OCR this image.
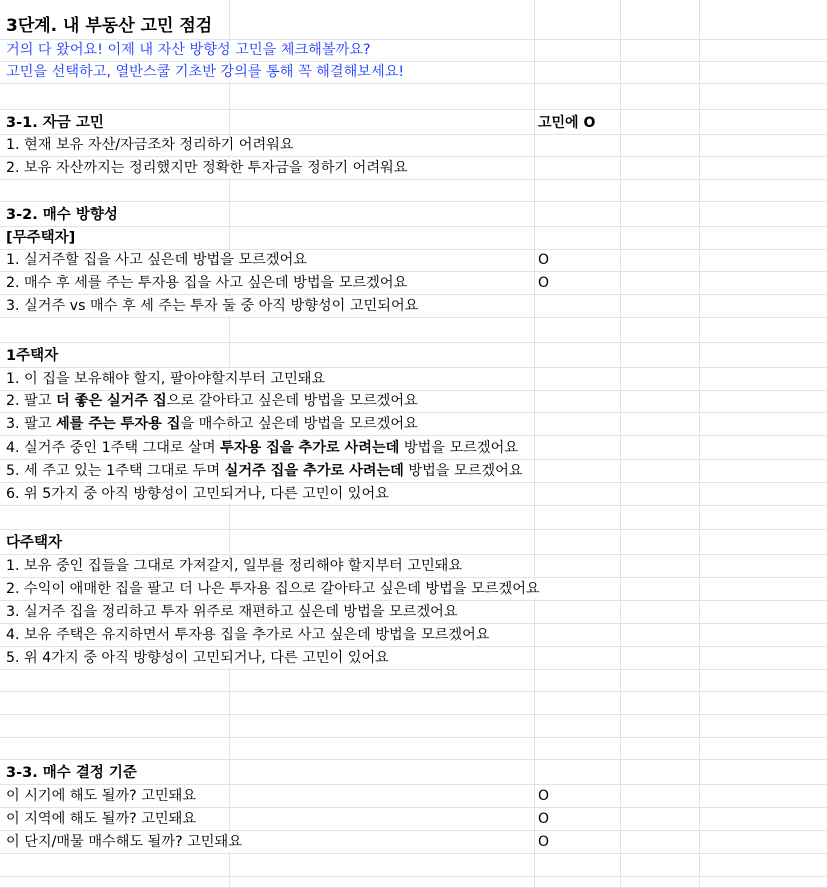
3단계. 내 부동산 고민 점검
거의 다 왔어요! 이제 내 자산 방향성 고민을 체크해볼까요?
고민을 선택하고, 열반스쿨 기초반 강의를 통해 꼭 해결해보세요!
3-1. 자금 고민	고민에 O
1. 현재 보유 자산/자금조차 정리하기 어려워요
2. 보유 자산까지는 정리했지만 정확한 투자금을 정하기 어려워요
3-2. 매수 방향성
[무주택자]
1. 실거주할 집을 사고 싶은데 방법을 모르겠어요	O
2. 매수 후 세를 주는 투자용 집을 사고 싶은데 방법을 모르겠어요	O
3. 실거주 vs 매수 후 세 주는 투자 둘 중 아직 방향성이 고민되어요
1주택자
1. 이 집을 보유해야 할지, 팔아야할지부터 고민돼요
2. 팔고 더 좋은 실거주 집으로 갈아타고 싶은데 방법을 모르겠어요
3. 팔고 세를 주는 투자용 집을 매수하고 싶은데 방법을 모르겠어요
4. 실거주 중인 1주택 그대로 살며 투자용 집을 추가로 사려는데 방법을 모르겠어요
5. 세 주고 있는 1주택 그대로 두며 실거주 집을 추가로 사려는데 방법을 모르겠어요
6. 위 5가지 중 아직 방향성이 고민되거나, 다른 고민이 있어요
다주택자
1. 보유 중인 집들을 그대로 가져갈지, 일부를 정리해야 할지부터 고민돼요
2. 수익이 애매한 집을 팔고 더 나은 투자용 집으로 갈아타고 싶은데 방법을 모르겠어요
3. 실거주 집을 정리하고 투자 위주로 재편하고 싶은데 방법을 모르겠어요
4. 보유 주택은 유지하면서 투자용 집을 추가로 사고 싶은데 방법을 모르겠어요
5. 위 4가지 중 아직 방향성이 고민되거나, 다른 고민이 있어요
3-3. 매수 결정 기준
이 시기에 해도 될까? 고민돼요	O
이 지역에 해도 될까? 고민돼요	O
이 단지/매물 매수해도 될까? 고민돼요	O
